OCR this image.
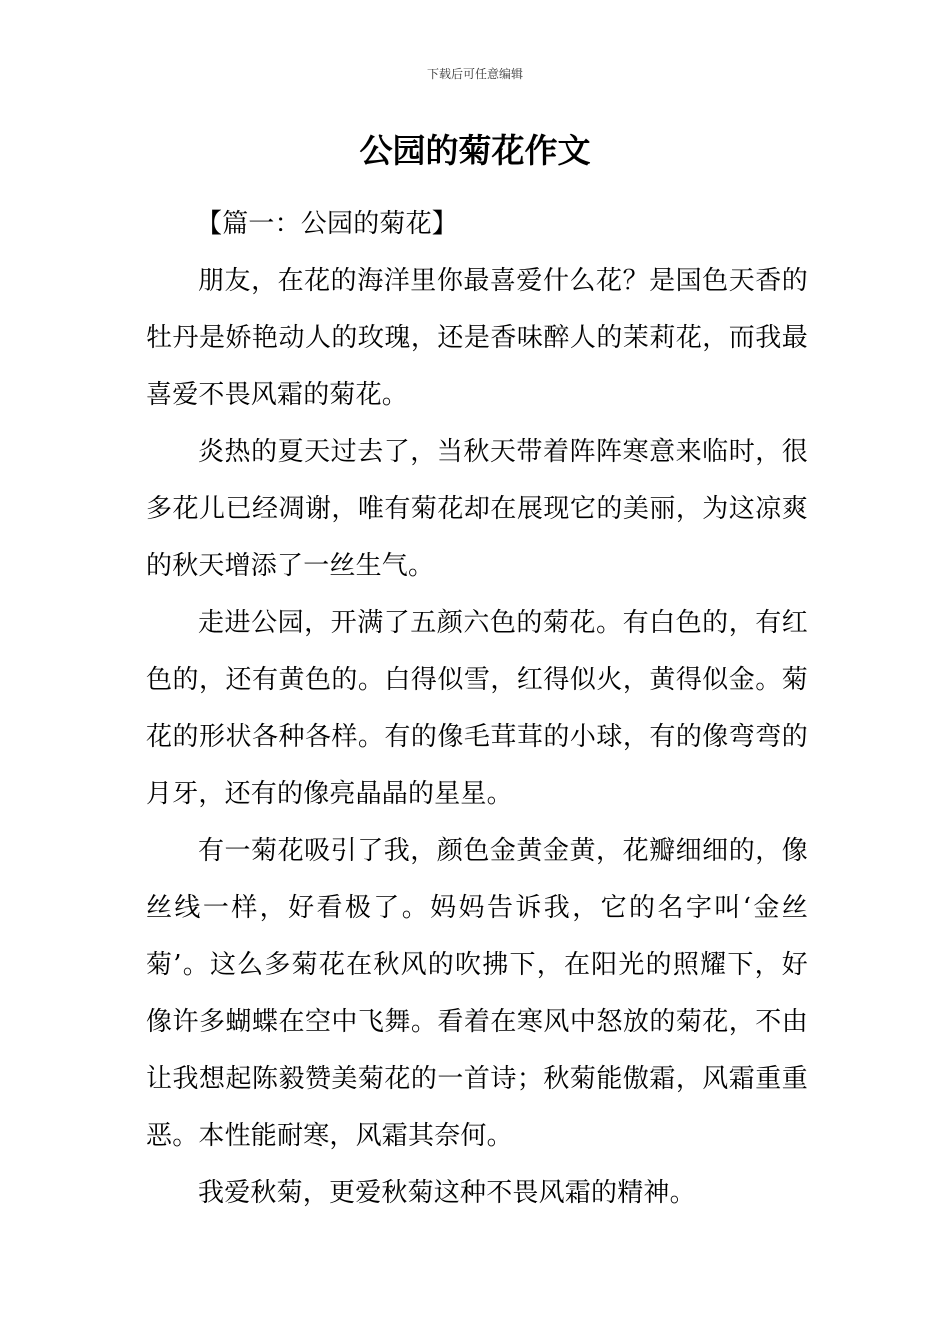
下载后可任意编辑
公园的菊花作文

【篇一：公园的菊花】

朋友，在花的海洋里你最喜爱什么花？是国色天香的牡丹是娇艳动人的玫瑰，还是香味醉人的茉莉花，而我最喜爱不畏风霜的菊花。

炎热的夏天过去了，当秋天带着阵阵寒意来临时，很多花儿已经凋谢，唯有菊花却在展现它的美丽，为这凉爽的秋天增添了一丝生气。

走进公园，开满了五颜六色的菊花。有白色的，有红色的，还有黄色的。白得似雪，红得似火，黄得似金。菊花的形状各种各样。有的像毛茸茸的小球，有的像弯弯的月牙，还有的像亮晶晶的星星。

有一菊花吸引了我，颜色金黄金黄，花瓣细细的，像丝线一样，好看极了。妈妈告诉我，它的名字叫‘金丝菊’。这么多菊花在秋风的吹拂下，在阳光的照耀下，好像许多蝴蝶在空中飞舞。看着在寒风中怒放的菊花，不由让我想起陈毅赞美菊花的一首诗；秋菊能傲霜，风霜重重恶。本性能耐寒，风霜其奈何。

我爱秋菊，更爱秋菊这种不畏风霜的精神。
